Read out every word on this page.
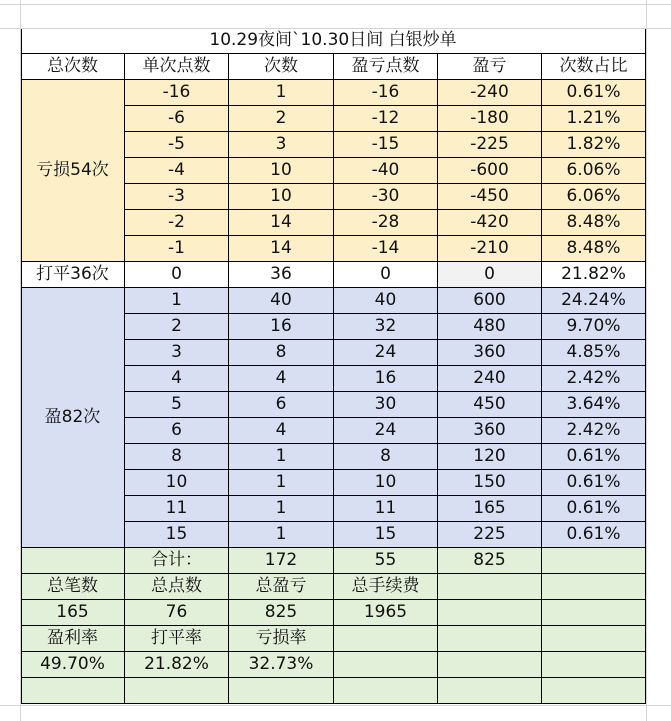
10.29夜间`10.30日间 白银炒单
总次数	单次点数	次数	盈亏点数	盈亏	次数占比
亏损54次
-16	1	-16	-240	0.61%
-6	2	-12	-180	1.21%
-5	3	-15	-225	1.82%
-4	10	-40	-600	6.06%
-3	10	-30	-450	6.06%
-2	14	-28	-420	8.48%
-1	14	-14	-210	8.48%
打平36次	0	36	0	0	21.82%
盈82次
1	40	40	600	24.24%
2	16	32	480	9.70%
3	8	24	360	4.85%
4	4	16	240	2.42%
5	6	30	450	3.64%
6	4	24	360	2.42%
8	1	8	120	0.61%
10	1	10	150	0.61%
11	1	11	165	0.61%
15	1	15	225	0.61%
合计：	172	55	825
总笔数	总点数	总盈亏	总手续费
165	76	825	1965
盈利率	打平率	亏损率
49.70%	21.82%	32.73%
